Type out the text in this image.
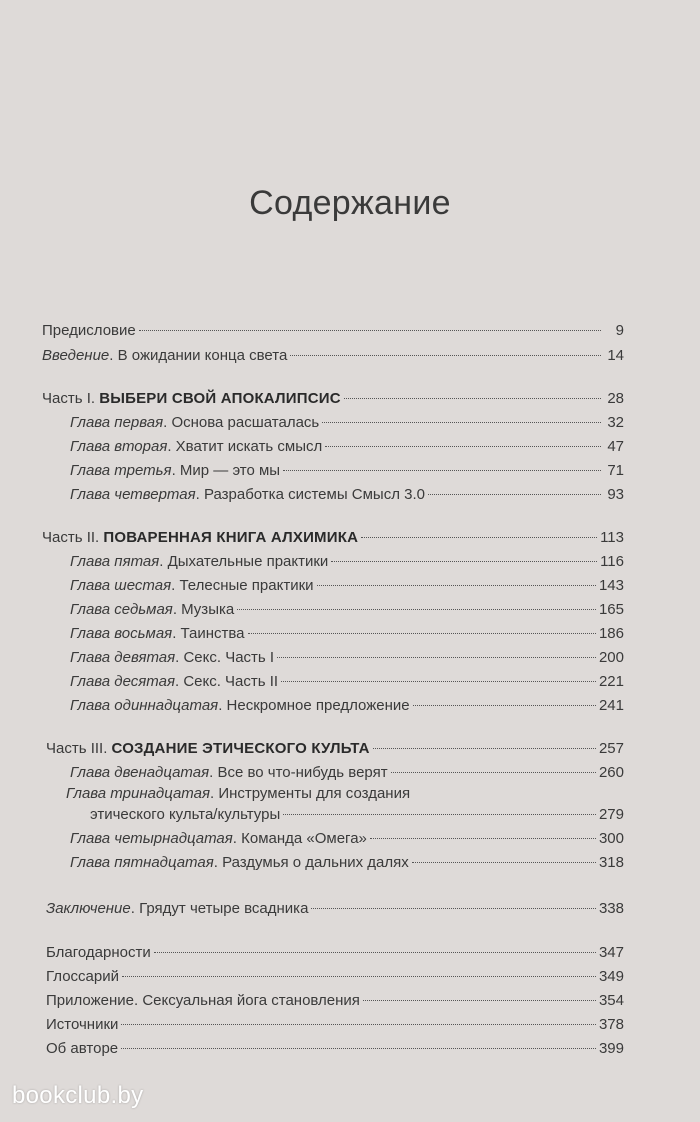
Содержание
Предисловие	9
Введение. В ожидании конца света	14
Часть I. ВЫБЕРИ СВОЙ АПОКАЛИПСИС	28
Глава первая. Основа расшаталась	32
Глава вторая. Хватит искать смысл	47
Глава третья. Мир — это мы	71
Глава четвертая. Разработка системы Смысл 3.0	93
Часть II. ПОВАРЕННАЯ КНИГА АЛХИМИКА	113
Глава пятая. Дыхательные практики	116
Глава шестая. Телесные практики	143
Глава седьмая. Музыка	165
Глава восьмая. Таинства	186
Глава девятая. Секс. Часть I	200
Глава десятая. Секс. Часть II	221
Глава одиннадцатая. Нескромное предложение	241
Часть III. СОЗДАНИЕ ЭТИЧЕСКОГО КУЛЬТА	257
Глава двенадцатая. Все во что-нибудь верят	260
Глава тринадцатая. Инструменты для создания
этического культа/культуры	279
Глава четырнадцатая. Команда «Омега»	300
Глава пятнадцатая. Раздумья о дальних далях	318
Заключение. Грядут четыре всадника	338
Благодарности	347
Глоссарий	349
Приложение. Сексуальная йога становления	354
Источники	378
Об авторе	399
bookclub.by
